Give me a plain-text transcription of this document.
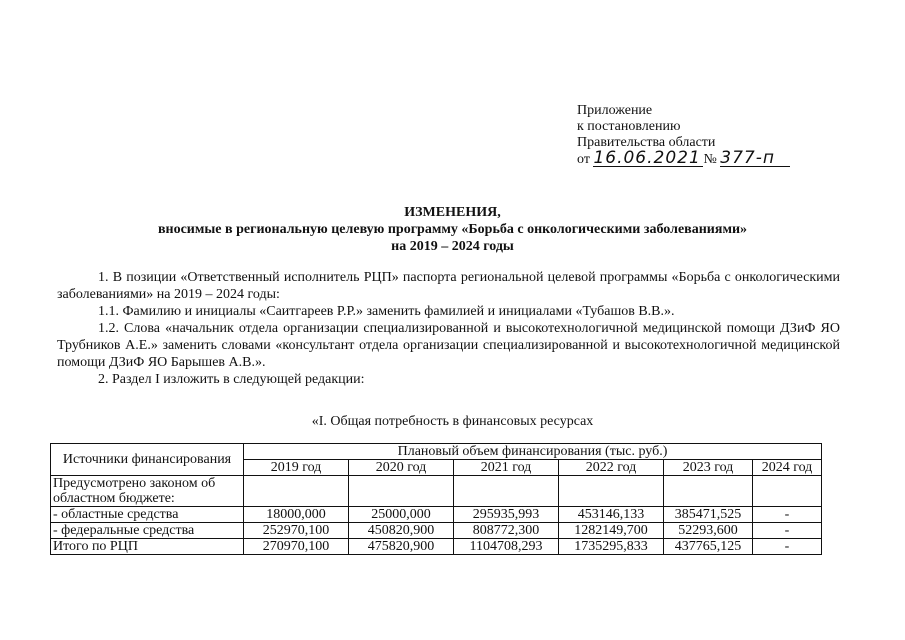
Приложение
к постановлению
Правительства области
от 16.06.2021 № 377-п
ИЗМЕНЕНИЯ,
вносимые в региональную целевую программу «Борьба с онкологическими заболеваниями»
на 2019 – 2024 годы

1. В позиции «Ответственный исполнитель РЦП» паспорта региональной целевой программы «Борьба с онкологическими заболеваниями» на 2019 – 2024 годы:

1.1. Фамилию и инициалы «Саитгареев Р.Р.» заменить фамилией и инициалами «Тубашов В.В.».

1.2. Слова «начальник отдела организации специализированной и высокотехнологичной медицинской помощи ДЗиФ ЯО Трубников А.Е.» заменить словами «консультант отдела организации специализированной и высокотехнологичной медицинской помощи ДЗиФ ЯО Барышев А.В.».

2. Раздел I изложить в следующей редакции:

«I. Общая потребность в финансовых ресурсах
Источники финансирования	Плановый объем финансирования (тыс. руб.)					
	2019 год	2020 год	2021 год	2022 год	2023 год	2024 год
Предусмотрено законом об областном бюджете:						
- областные средства	18000,000	25000,000	295935,993	453146,133	385471,525	-
- федеральные средства	252970,100	450820,900	808772,300	1282149,700	52293,600	-
Итого по РЦП	270970,100	475820,900	1104708,293	1735295,833	437765,125	-
